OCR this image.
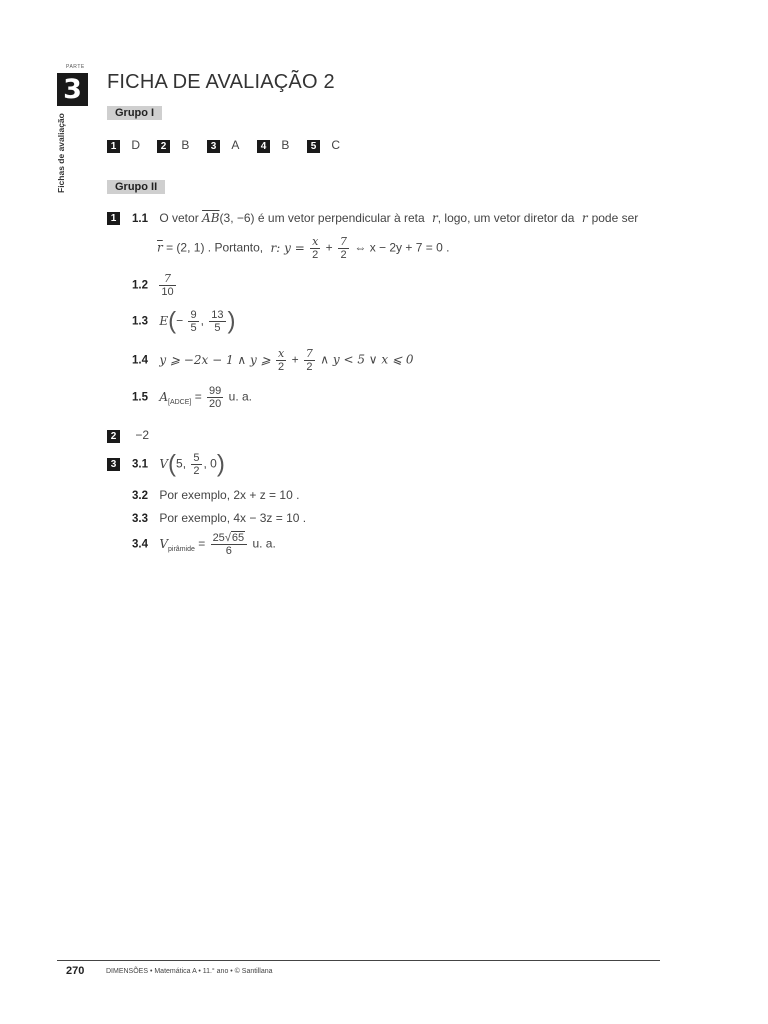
PARTE
3
Fichas de avaliação
FICHA DE AVALIAÇÃO 2
Grupo I
1 D	2 B	3 A	4 B	5 C
Grupo II
1	1.1 O vetor $\overline{AB}(3$, −6) é um vetor perpendicular à reta r, logo, um vetor diretor da r pode ser
$\overline{r} = (2$, 1) . Portanto, r: $y = \frac{x}{2} + \frac{7}{2}$ ⇔ x − 2y + 7 = 0 .
$1.2 \frac{7}{10}$
1.3 $E(- \frac{9}{5}$ , $\frac{13}{5}$ )
1.4 y ⩾ −2x − 1 ∧ y ⩾ $\frac{x}{2} + \frac{7}{2}$ ∧ y < 5 ∨ x ⩽ 0
1.5 $A_{[ADCE]} = \frac{99}{20} u$. a.
2 −2
3	3.1 V(5, $\frac{5}{2}$ , 0)
3.2 Por exemplo, 2x + z = 10 .
3.3 Por exemplo, 4x − 3z = 10 .
3.4 $V_{pirâmide} = \frac{25√65}{6} u$. a.
270	DIMENSÕES • Matemática A • 11.° ano • © Santillana
